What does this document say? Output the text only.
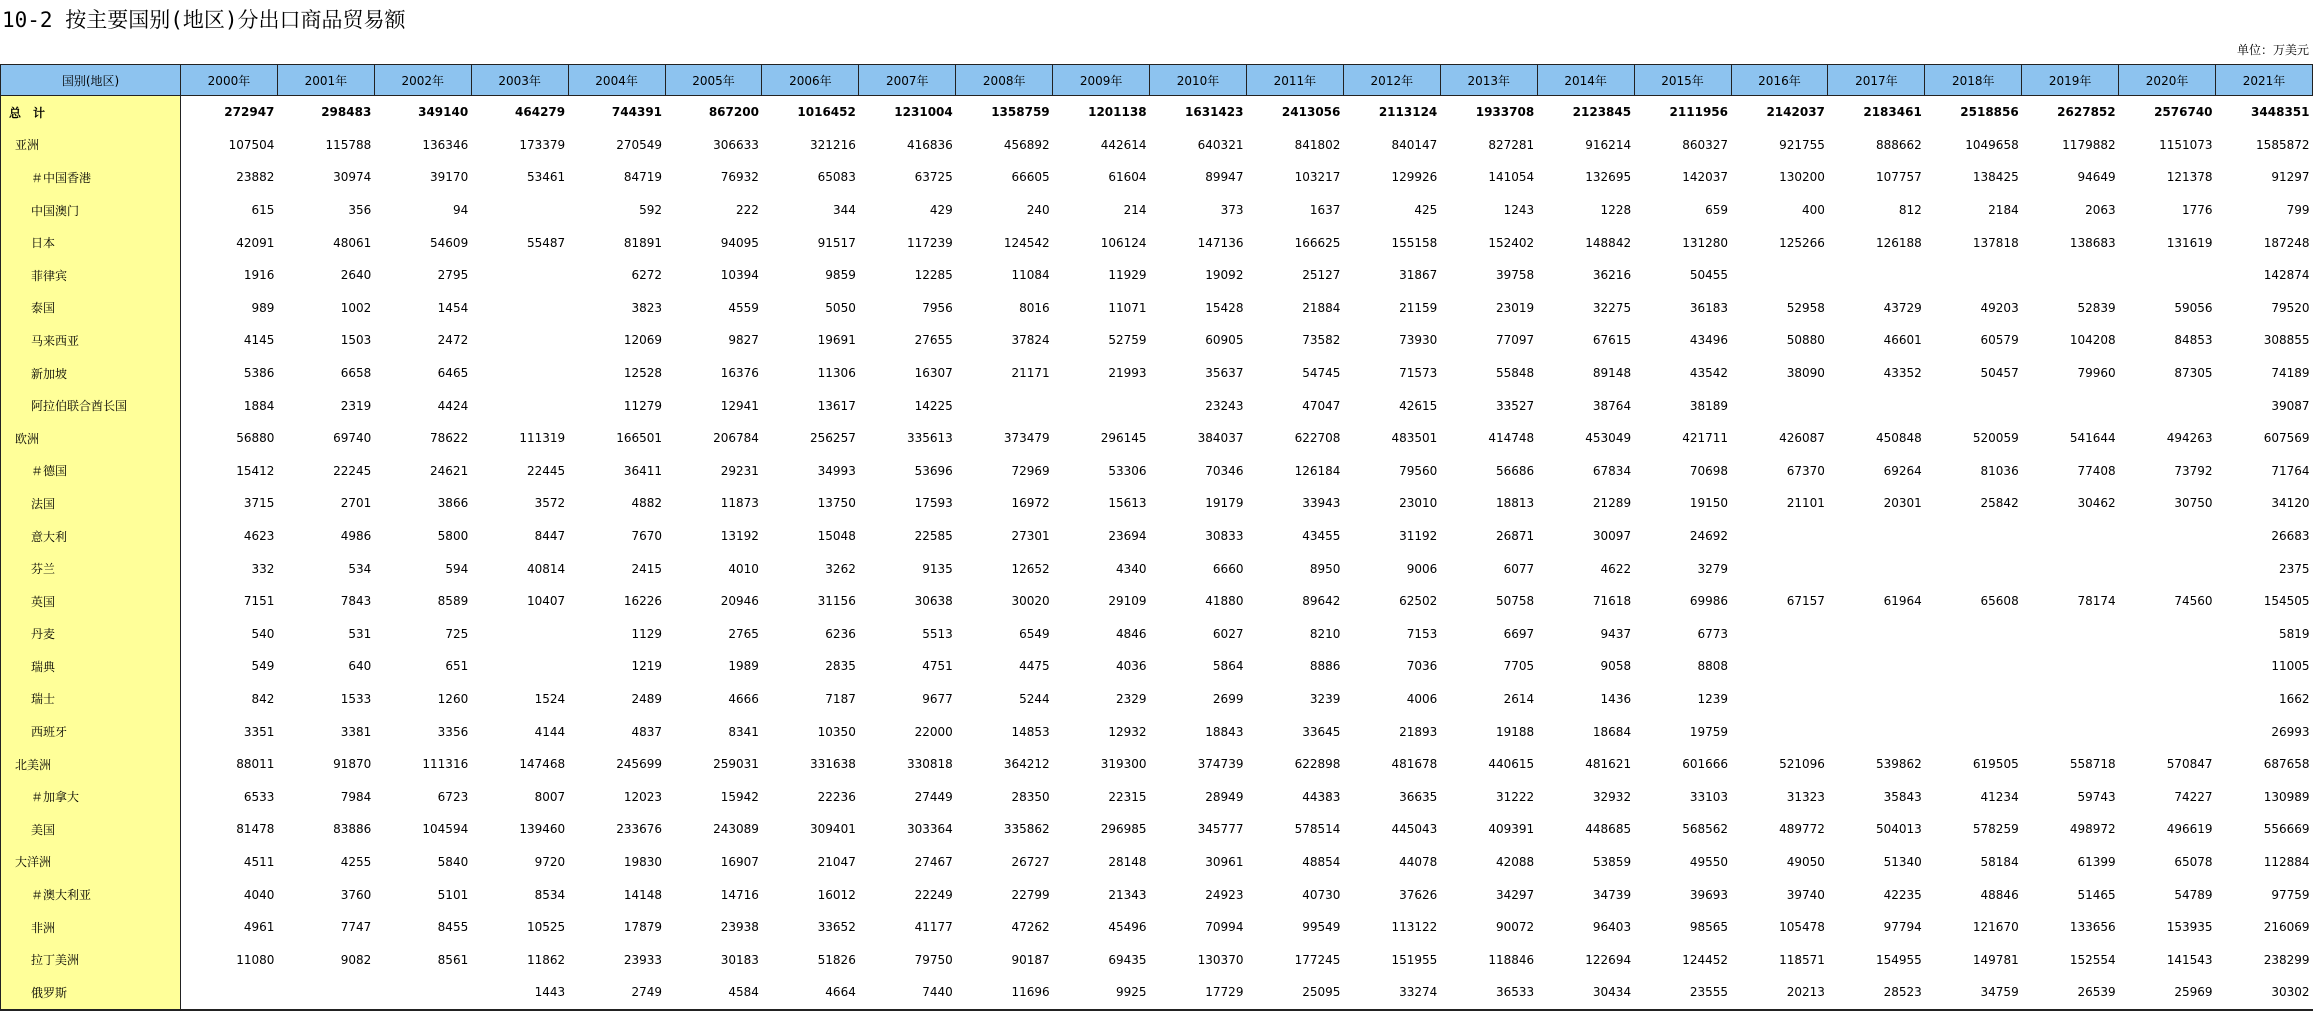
10-2 按主要国别(地区)分出口商品贸易额
单位：万美元
国别(地区)	2000年	2001年	2002年	2003年	2004年	2005年	2006年	2007年	2008年	2009年	2010年	2011年	2012年	2013年	2014年	2015年	2016年	2017年	2018年	2019年	2020年	2021年
总　计	272947	298483	349140	464279	744391	867200	1016452	1231004	1358759	1201138	1631423	2413056	2113124	1933708	2123845	2111956	2142037	2183461	2518856	2627852	2576740	3448351
亚洲	107504	115788	136346	173379	270549	306633	321216	416836	456892	442614	640321	841802	840147	827281	916214	860327	921755	888662	1049658	1179882	1151073	1585872
＃中国香港	23882	30974	39170	53461	84719	76932	65083	63725	66605	61604	89947	103217	129926	141054	132695	142037	130200	107757	138425	94649	121378	91297
中国澳门	615	356	94		592	222	344	429	240	214	373	1637	425	1243	1228	659	400	812	2184	2063	1776	799
日本	42091	48061	54609	55487	81891	94095	91517	117239	124542	106124	147136	166625	155158	152402	148842	131280	125266	126188	137818	138683	131619	187248
菲律宾	1916	2640	2795		6272	10394	9859	12285	11084	11929	19092	25127	31867	39758	36216	50455						142874
泰国	989	1002	1454		3823	4559	5050	7956	8016	11071	15428	21884	21159	23019	32275	36183	52958	43729	49203	52839	59056	79520
马来西亚	4145	1503	2472		12069	9827	19691	27655	37824	52759	60905	73582	73930	77097	67615	43496	50880	46601	60579	104208	84853	308855
新加坡	5386	6658	6465		12528	16376	11306	16307	21171	21993	35637	54745	71573	55848	89148	43542	38090	43352	50457	79960	87305	74189
阿拉伯联合酋长国	1884	2319	4424		11279	12941	13617	14225			23243	47047	42615	33527	38764	38189						39087
欧洲	56880	69740	78622	111319	166501	206784	256257	335613	373479	296145	384037	622708	483501	414748	453049	421711	426087	450848	520059	541644	494263	607569
＃德国	15412	22245	24621	22445	36411	29231	34993	53696	72969	53306	70346	126184	79560	56686	67834	70698	67370	69264	81036	77408	73792	71764
法国	3715	2701	3866	3572	4882	11873	13750	17593	16972	15613	19179	33943	23010	18813	21289	19150	21101	20301	25842	30462	30750	34120
意大利	4623	4986	5800	8447	7670	13192	15048	22585	27301	23694	30833	43455	31192	26871	30097	24692						26683
芬兰	332	534	594	40814	2415	4010	3262	9135	12652	4340	6660	8950	9006	6077	4622	3279						2375
英国	7151	7843	8589	10407	16226	20946	31156	30638	30020	29109	41880	89642	62502	50758	71618	69986	67157	61964	65608	78174	74560	154505
丹麦	540	531	725		1129	2765	6236	5513	6549	4846	6027	8210	7153	6697	9437	6773						5819
瑞典	549	640	651		1219	1989	2835	4751	4475	4036	5864	8886	7036	7705	9058	8808						11005
瑞士	842	1533	1260	1524	2489	4666	7187	9677	5244	2329	2699	3239	4006	2614	1436	1239						1662
西班牙	3351	3381	3356	4144	4837	8341	10350	22000	14853	12932	18843	33645	21893	19188	18684	19759						26993
北美洲	88011	91870	111316	147468	245699	259031	331638	330818	364212	319300	374739	622898	481678	440615	481621	601666	521096	539862	619505	558718	570847	687658
＃加拿大	6533	7984	6723	8007	12023	15942	22236	27449	28350	22315	28949	44383	36635	31222	32932	33103	31323	35843	41234	59743	74227	130989
美国	81478	83886	104594	139460	233676	243089	309401	303364	335862	296985	345777	578514	445043	409391	448685	568562	489772	504013	578259	498972	496619	556669
大洋洲	4511	4255	5840	9720	19830	16907	21047	27467	26727	28148	30961	48854	44078	42088	53859	49550	49050	51340	58184	61399	65078	112884
＃澳大利亚	4040	3760	5101	8534	14148	14716	16012	22249	22799	21343	24923	40730	37626	34297	34739	39693	39740	42235	48846	51465	54789	97759
非洲	4961	7747	8455	10525	17879	23938	33652	41177	47262	45496	70994	99549	113122	90072	96403	98565	105478	97794	121670	133656	153935	216069
拉丁美洲	11080	9082	8561	11862	23933	30183	51826	79750	90187	69435	130370	177245	151955	118846	122694	124452	118571	154955	149781	152554	141543	238299
俄罗斯				1443	2749	4584	4664	7440	11696	9925	17729	25095	33274	36533	30434	23555	20213	28523	34759	26539	25969	30302
